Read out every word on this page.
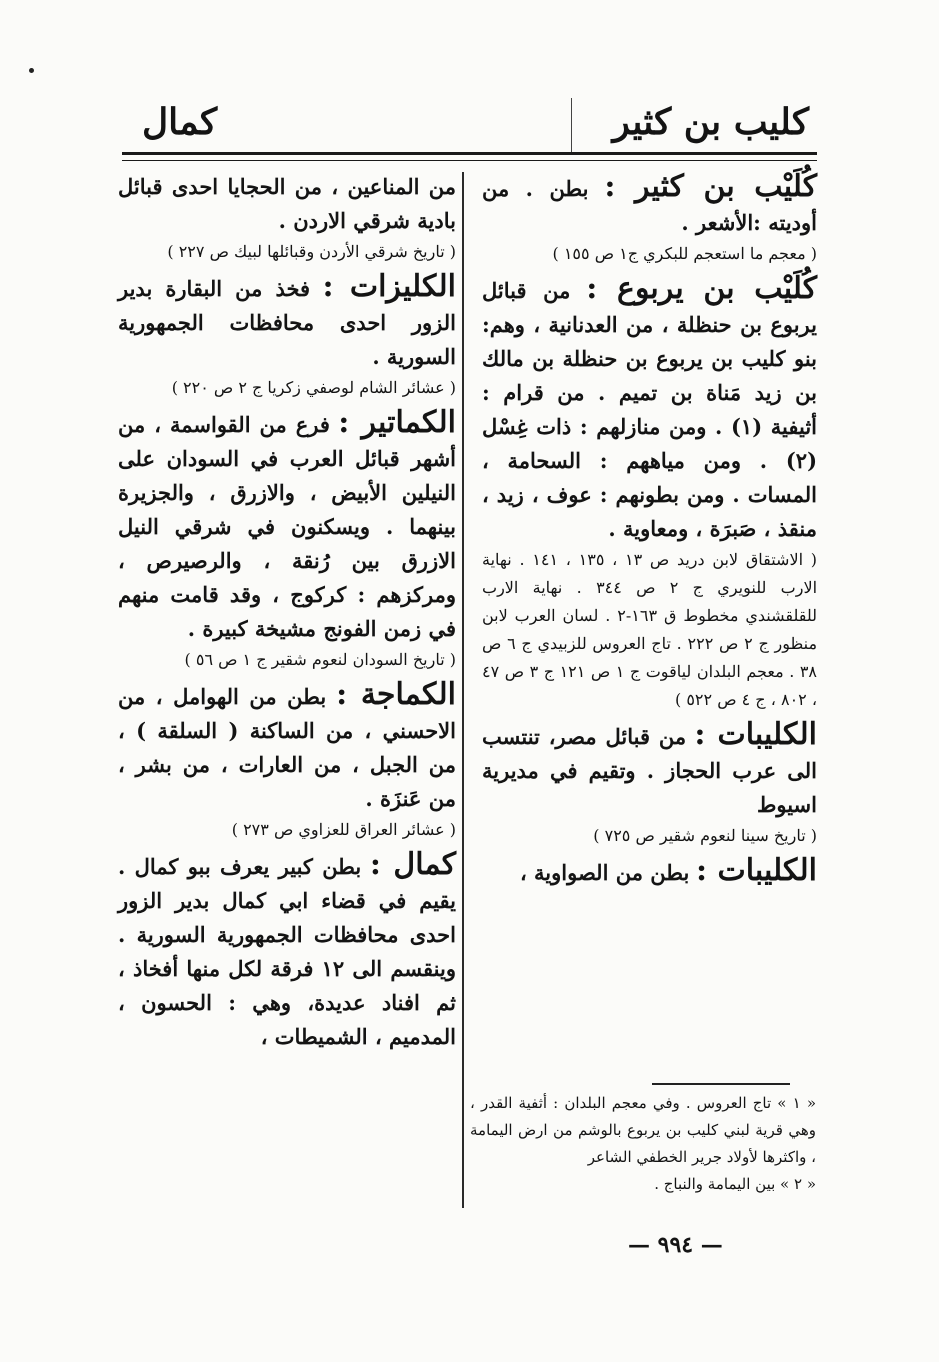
كليب بن كثير
كمال

كُلَيْب بن كثير : بطن . من أوديته :الأشعر .

( معجم ما استعجم للبكري ج١ ص ١٥٥ )

كُلَيْب بن يربوع : من قبائل يربوع بن حنظلة ، من العدنانية ، وهم: بنو كليب بن يربوع بن حنظلة بن مالك بن زيد مَناة بن تميم . من قرام : أثيفية (١) . ومن منازلهم : ذات غِسْل (٢) . ومن مياههم : السحامة ، المسات . ومن بطونهم : عوف ، زيد ، منقذ ، صَبرَة ، ومعاوية .

( الاشتقاق لابن دريد ص ١٣ ، ١٣٥ ، ١٤١ . نهاية الارب للنويري ج ٢ ص ٣٤٤ . نهاية الارب للقلقشندي مخطوط ق ١٦٣-٢ . لسان العرب لابن منظور ج ٢ ص ٢٢٢ . تاج العروس للزبيدي ج ٦ ص ٣٨ . معجم البلدان لياقوت ج ١ ص ١٢١ ج ٣ ص ٤٧ ، ٨٠٢ ، ج ٤ ص ٥٢٢ )

الكليبات : من قبائل مصر، تنتسب الى عرب الحجاز . وتقيم في مديرية اسيوط

( تاريخ سينا لنعوم شقير ص ٧٢٥ )

الكليبات : بطن من الصواوية ،

من المناعين ، من الحجايا احدى قبائل بادية شرقي الاردن .

( تاريخ شرقي الأردن وقبائلها لبيك ص ٢٢٧ )

الكليزات : فخذ من البقارة بدير الزور احدى محافظات الجمهورية السورية .

( عشائر الشام لوصفي زكريا ج ٢ ص ٢٢٠ )

الكماتير : فرع من القواسمة ، من أشهر قبائل العرب في السودان على النيلين الأبيض ، والازرق ، والجزيرة بينهما . ويسكنون في شرقي النيل الازرق بين رُنقة ، والرصيرص ، ومركزهم : كركوج ، وقد قامت منهم في زمن الفونج مشيخة كبيرة .

( تاريخ السودان لنعوم شقير ج ١ ص ٥٦ )

الكماجة : بطن من الهوامل ، من الاحسني ، من الساكنة ( السلقة ) ، من الجبل ، من العارات ، من بشر ، من عَنزَة .

( عشائر العراق للعزاوي ص ٢٧٣ )

كمال : بطن كبير يعرف ببو كمال . يقيم في قضاء ابي كمال بدير الزور احدى محافظات الجمهورية السورية . وينقسم الى ١٢ فرقة لكل منها أفخاذ ، ثم افناد عديدة، وهي : الحسون ، المدميم ، الشميطات ،

« ١ » تاج العروس . وفي معجم البلدان : أثفية القدر ، وهي قرية لبني كليب بن يربوع بالوشم من ارض اليمامة ، واكثرها لأولاد جرير الخطفي الشاعر

« ٢ » بين اليمامة والنباج .

— ٩٩٤ —
